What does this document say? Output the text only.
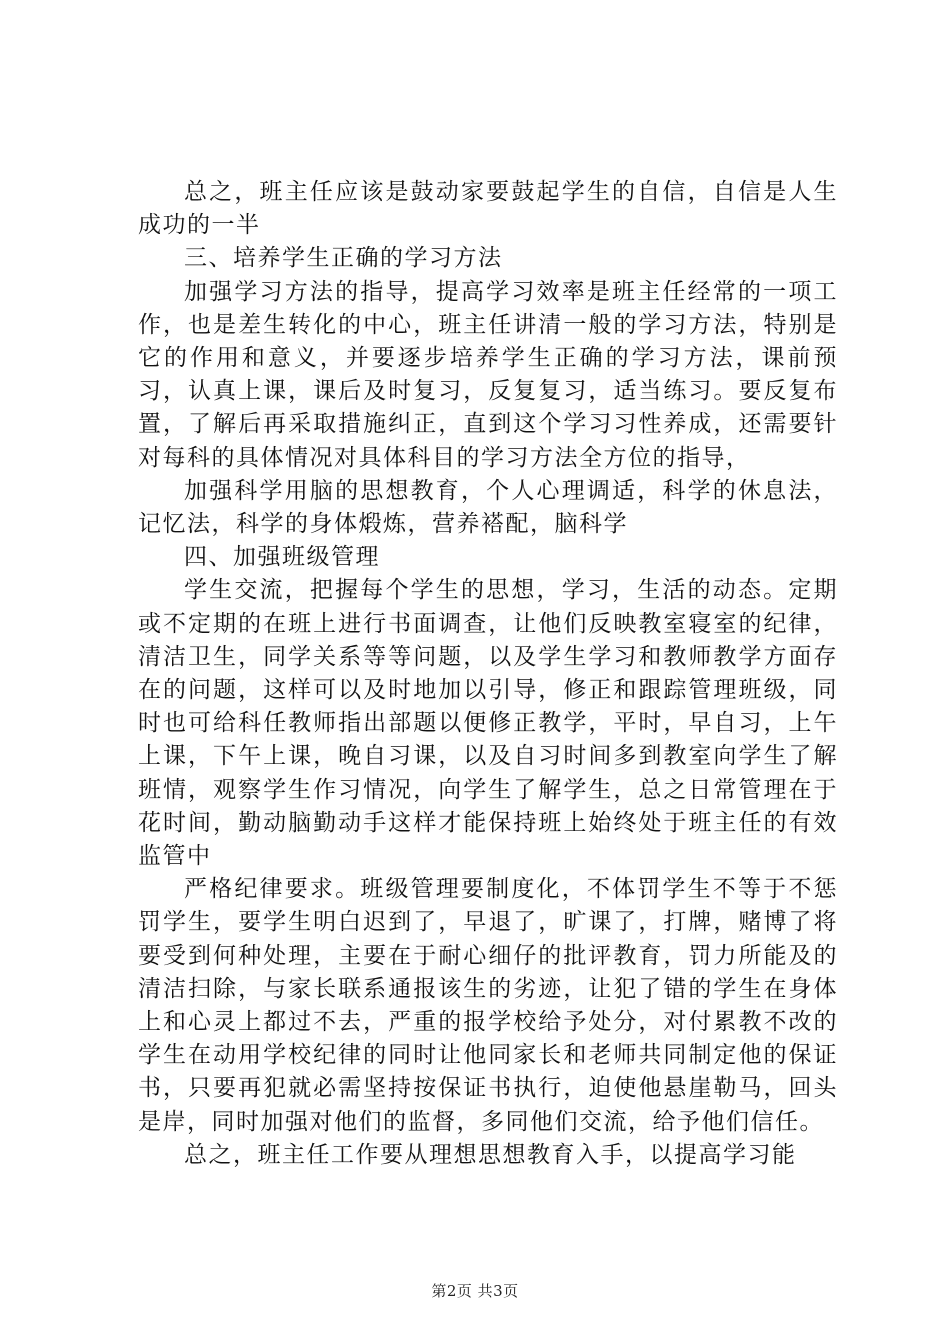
总之，班主任应该是鼓动家要鼓起学生的自信，自信是人生成功的一半

三、培养学生正确的学习方法

加强学习方法的指导，提高学习效率是班主任经常的一项工作，也是差生转化的中心，班主任讲清一般的学习方法，特别是它的作用和意义，并要逐步培养学生正确的学习方法，课前预习，认真上课，课后及时复习，反复复习，适当练习。要反复布置，了解后再采取措施纠正，直到这个学习习性养成，还需要针对每科的具体情况对具体科目的学习方法全方位的指导，

加强科学用脑的思想教育，个人心理调适，科学的休息法，记忆法，科学的身体煅炼，营养褡配，脑科学

四、加强班级管理

学生交流，把握每个学生的思想，学习，生活的动态。定期或不定期的在班上进行书面调查，让他们反映教室寝室的纪律，清洁卫生，同学关系等等问题，以及学生学习和教师教学方面存在的问题，这样可以及时地加以引导，修正和跟踪管理班级，同时也可给科任教师指出部题以便修正教学，平时，早自习，上午上课，下午上课，晚自习课，以及自习时间多到教室向学生了解班情，观察学生作习情况，向学生了解学生，总之日常管理在于花时间，勤动脑勤动手这样才能保持班上始终处于班主任的有效监管中

严格纪律要求。班级管理要制度化，不体罚学生不等于不惩罚学生，要学生明白迟到了，早退了，旷课了，打牌，赌博了将要受到何种处理，主要在于耐心细仔的批评教育，罚力所能及的清洁扫除，与家长联系通报该生的劣迹，让犯了错的学生在身体上和心灵上都过不去，严重的报学校给予处分，对付累教不改的学生在动用学校纪律的同时让他同家长和老师共同制定他的保证书，只要再犯就必需坚持按保证书执行，迫使他悬崖勒马，回头是岸，同时加强对他们的监督，多同他们交流，给予他们信任。

总之，班主任工作要从理想思想教育入手，以提高学习能

第2页 共3页
